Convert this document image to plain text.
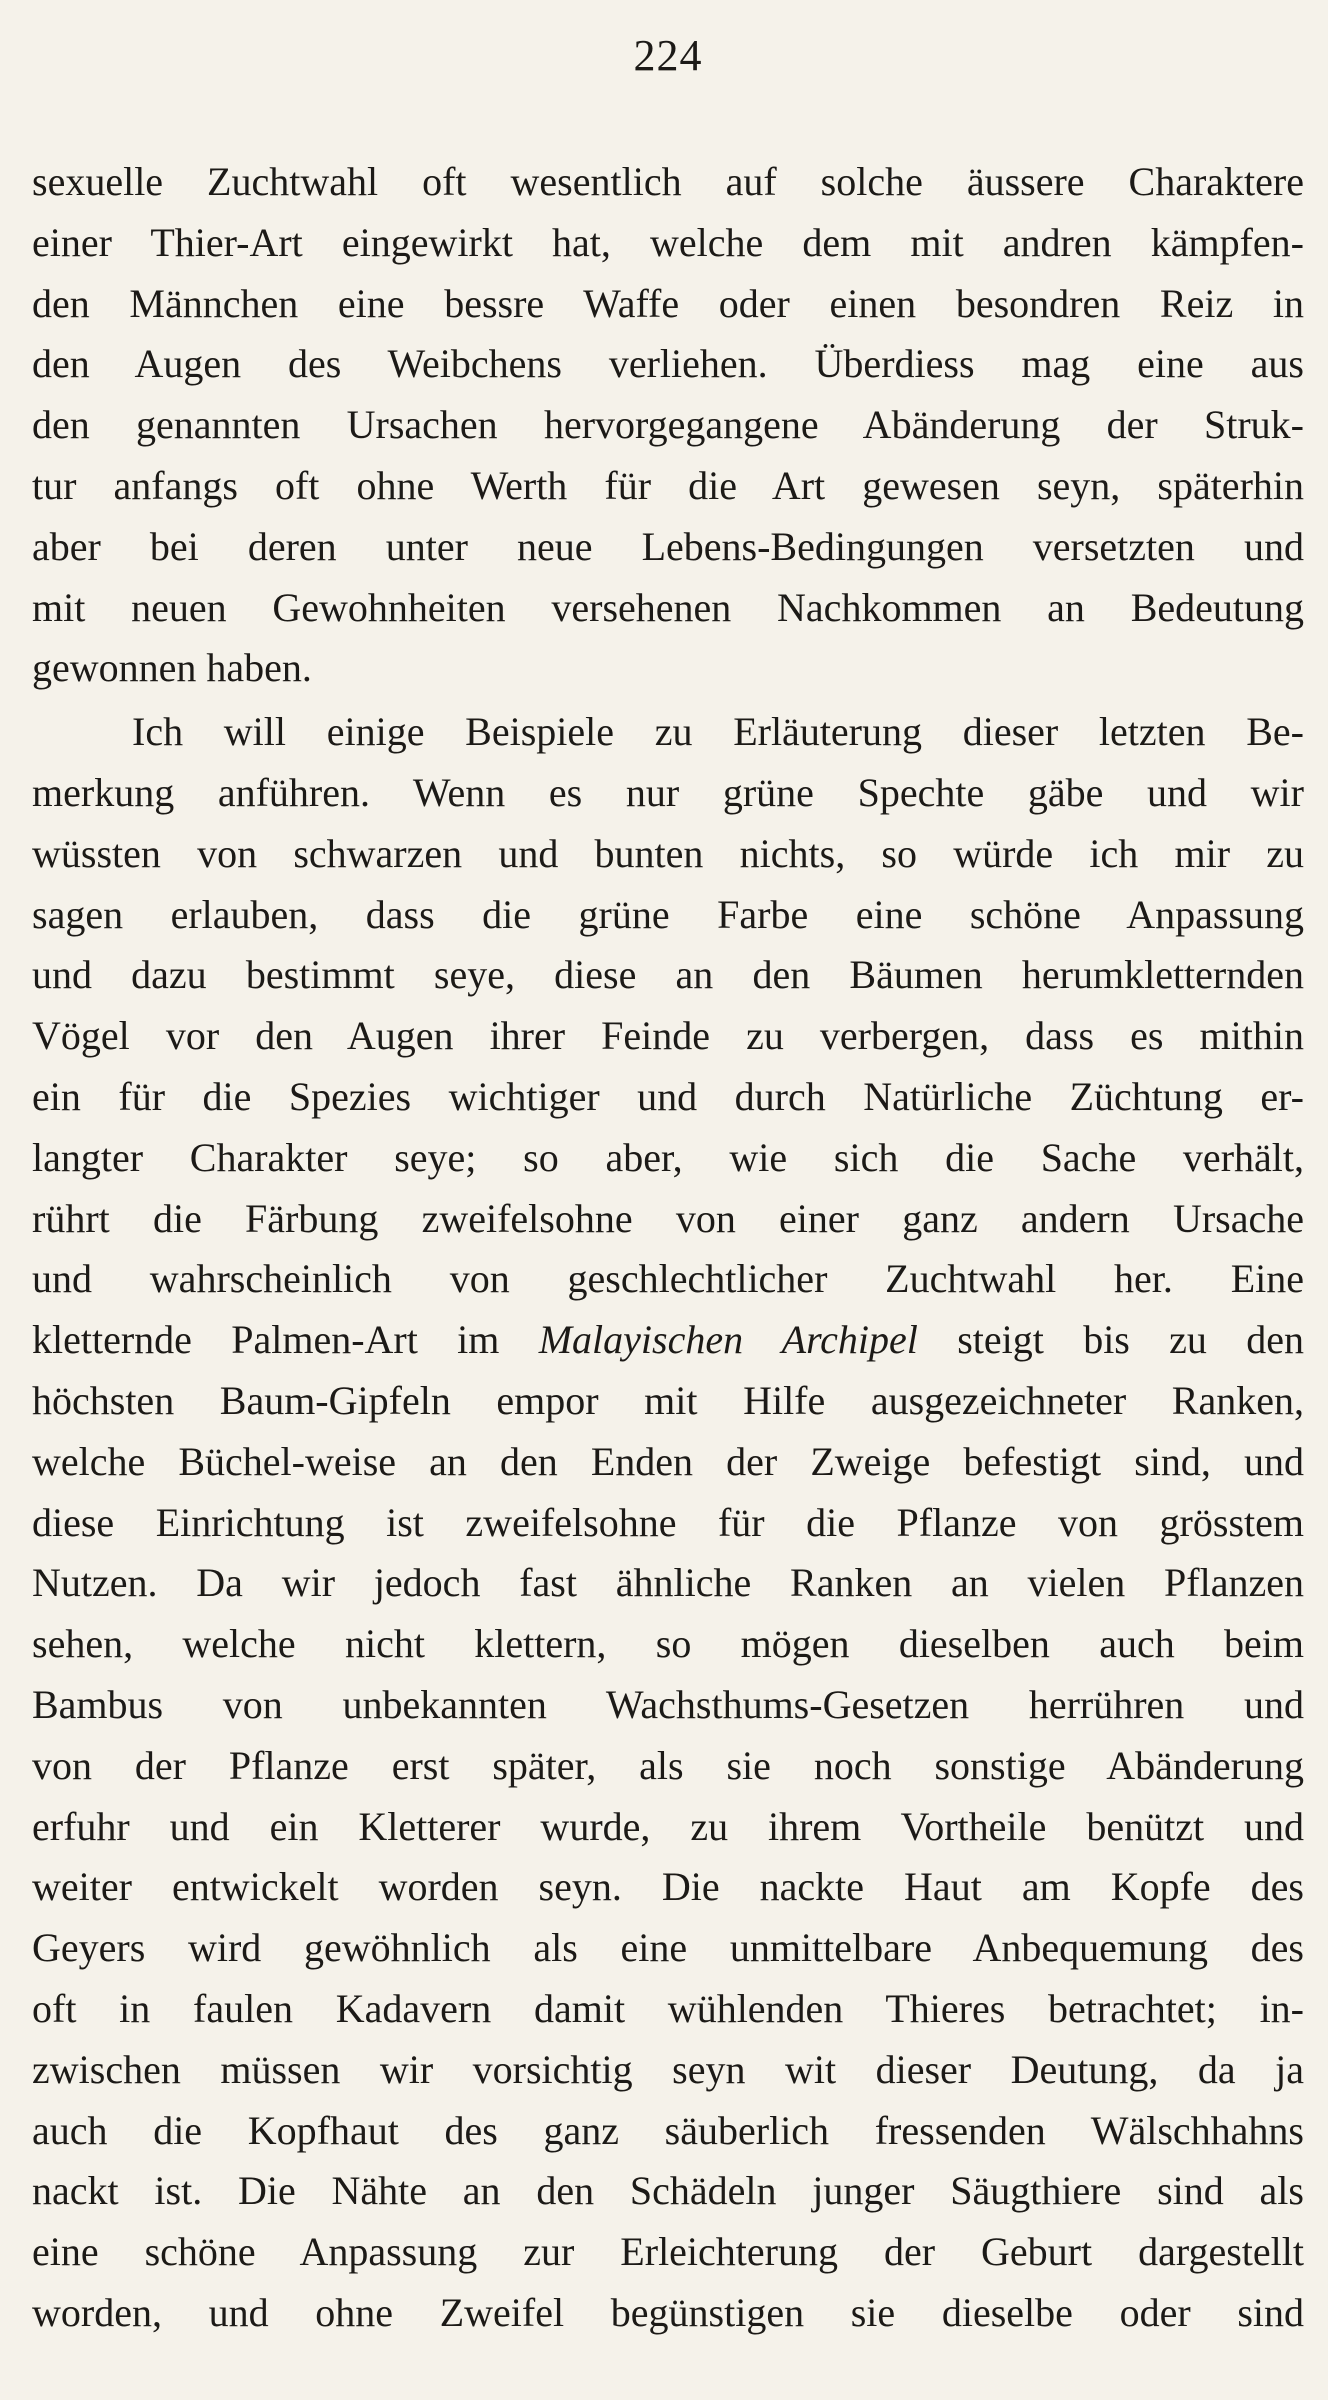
224
sexuelle Zuchtwahl oft wesentlich auf solche äussere Charaktere
einer Thier-Art eingewirkt hat, welche dem mit andren kämpfen-
den Männchen eine bessre Waffe oder einen besondren Reiz in
den Augen des Weibchens verliehen. Überdiess mag eine aus
den genannten Ursachen hervorgegangene Abänderung der Struk-
tur anfangs oft ohne Werth für die Art gewesen seyn, späterhin
aber bei deren unter neue Lebens-Bedingungen versetzten und
mit neuen Gewohnheiten versehenen Nachkommen an Bedeutung
gewonnen haben.
Ich will einige Beispiele zu Erläuterung dieser letzten Be-
merkung anführen. Wenn es nur grüne Spechte gäbe und wir
wüssten von schwarzen und bunten nichts, so würde ich mir zu
sagen erlauben, dass die grüne Farbe eine schöne Anpassung
und dazu bestimmt seye, diese an den Bäumen herumkletternden
Vögel vor den Augen ihrer Feinde zu verbergen, dass es mithin
ein für die Spezies wichtiger und durch Natürliche Züchtung er-
langter Charakter seye; so aber, wie sich die Sache verhält,
rührt die Färbung zweifelsohne von einer ganz andern Ursache
und wahrscheinlich von geschlechtlicher Zuchtwahl her. Eine
kletternde Palmen-Art im Malayischen Archipel steigt bis zu den
höchsten Baum-Gipfeln empor mit Hilfe ausgezeichneter Ranken,
welche Büchel-weise an den Enden der Zweige befestigt sind, und
diese Einrichtung ist zweifelsohne für die Pflanze von grösstem
Nutzen. Da wir jedoch fast ähnliche Ranken an vielen Pflanzen
sehen, welche nicht klettern, so mögen dieselben auch beim
Bambus von unbekannten Wachsthums-Gesetzen herrühren und
von der Pflanze erst später, als sie noch sonstige Abänderung
erfuhr und ein Kletterer wurde, zu ihrem Vortheile benützt und
weiter entwickelt worden seyn. Die nackte Haut am Kopfe des
Geyers wird gewöhnlich als eine unmittelbare Anbequemung des
oft in faulen Kadavern damit wühlenden Thieres betrachtet; in-
zwischen müssen wir vorsichtig seyn wit dieser Deutung, da ja
auch die Kopfhaut des ganz säuberlich fressenden Wälschhahns
nackt ist. Die Nähte an den Schädeln junger Säugthiere sind als
eine schöne Anpassung zur Erleichterung der Geburt dargestellt
worden, und ohne Zweifel begünstigen sie dieselbe oder sind
